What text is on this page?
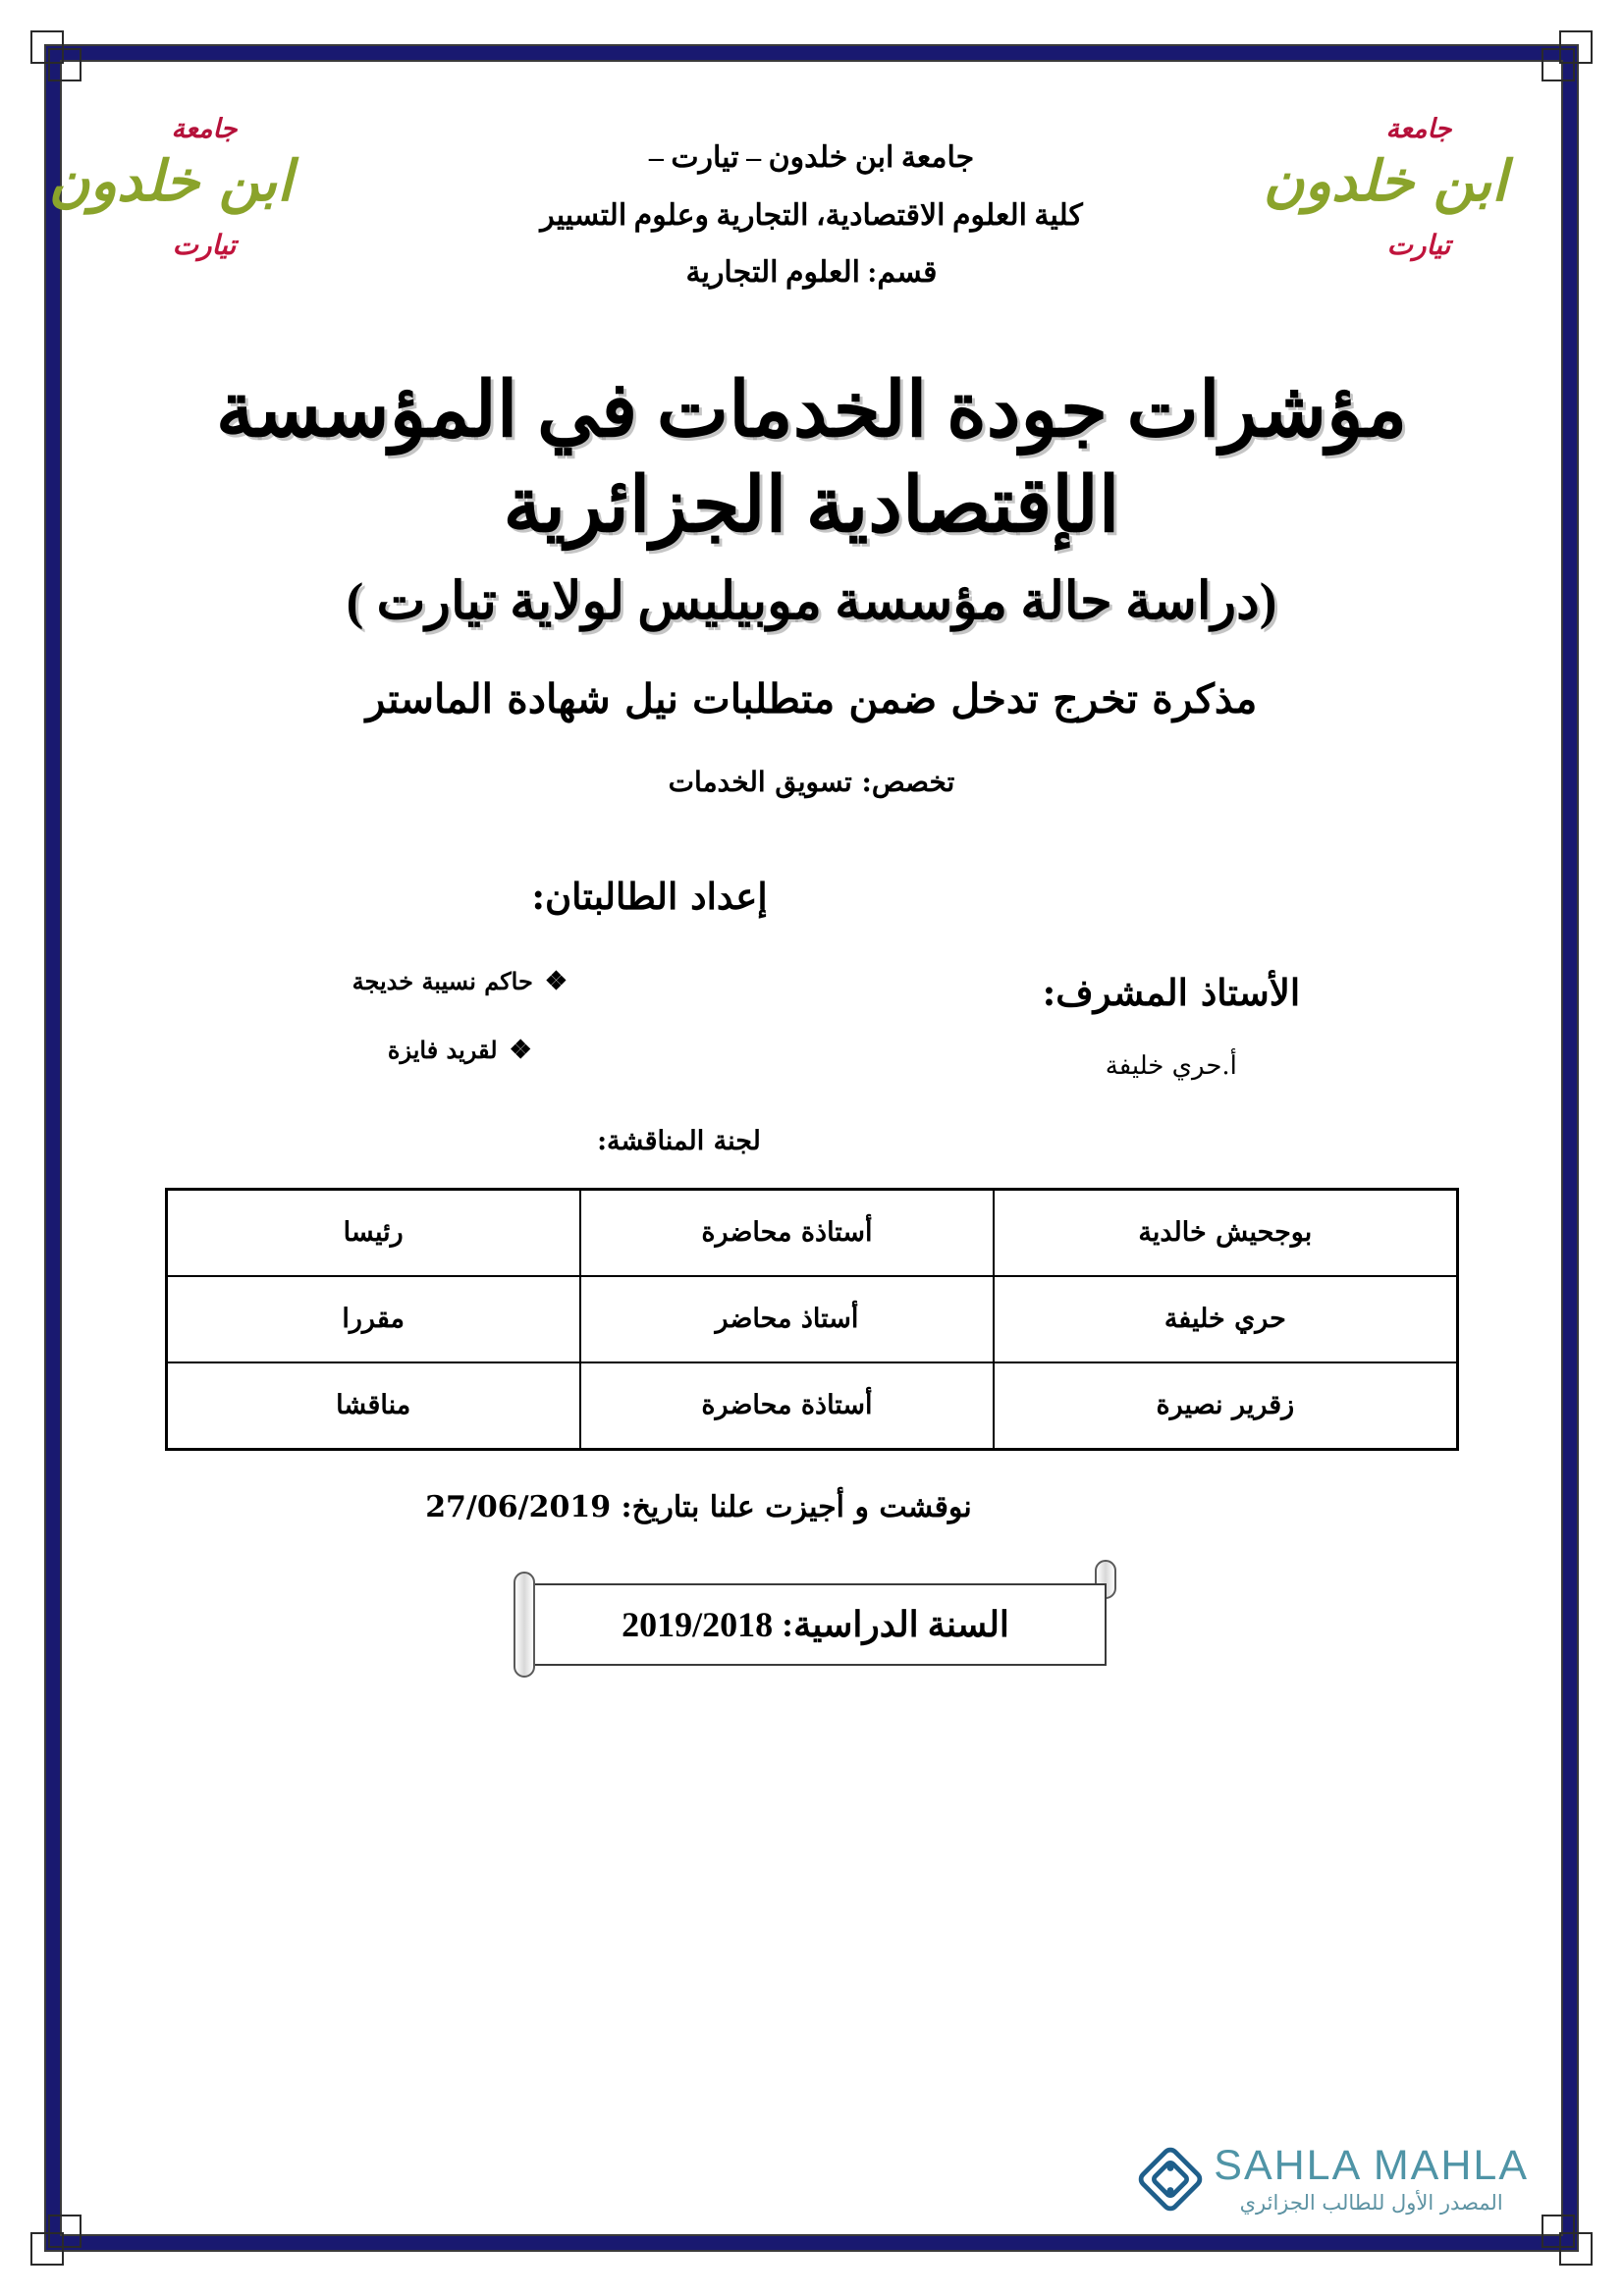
جامعة
ابن خلدون
تيارت
جامعة ابن خلدون – تيارت –
كلية العلوم الاقتصادية، التجارية وعلوم التسيير
قسم: العلوم التجارية
جامعة
ابن خلدون
تيارت
مؤشرات جودة الخدمات في المؤسسة الإقتصادية الجزائرية
(دراسة حالة مؤسسة موبيليس لولاية تيارت )
مذكرة تخرج تدخل ضمن متطلبات نيل شهادة الماستر
تخصص: تسويق الخدمات
إعداد الطالبتان:
الأستاذ المشرف:
أ.حري خليفة
❖حاكم نسيبة خديجة
❖لقريد فايزة
لجنة المناقشة:
بوجحيش خالدية	أستاذة محاضرة	رئيسا
حري خليفة	أستاذ محاضر	مقررا
زقرير نصيرة	أستاذة محاضرة	مناقشا
نوقشت و أجيزت علنا بتاريخ: 27/06/2019
السنة الدراسية: 2019/2018
SAHLA MAHLA
المصدر الأول للطالب الجزائري
